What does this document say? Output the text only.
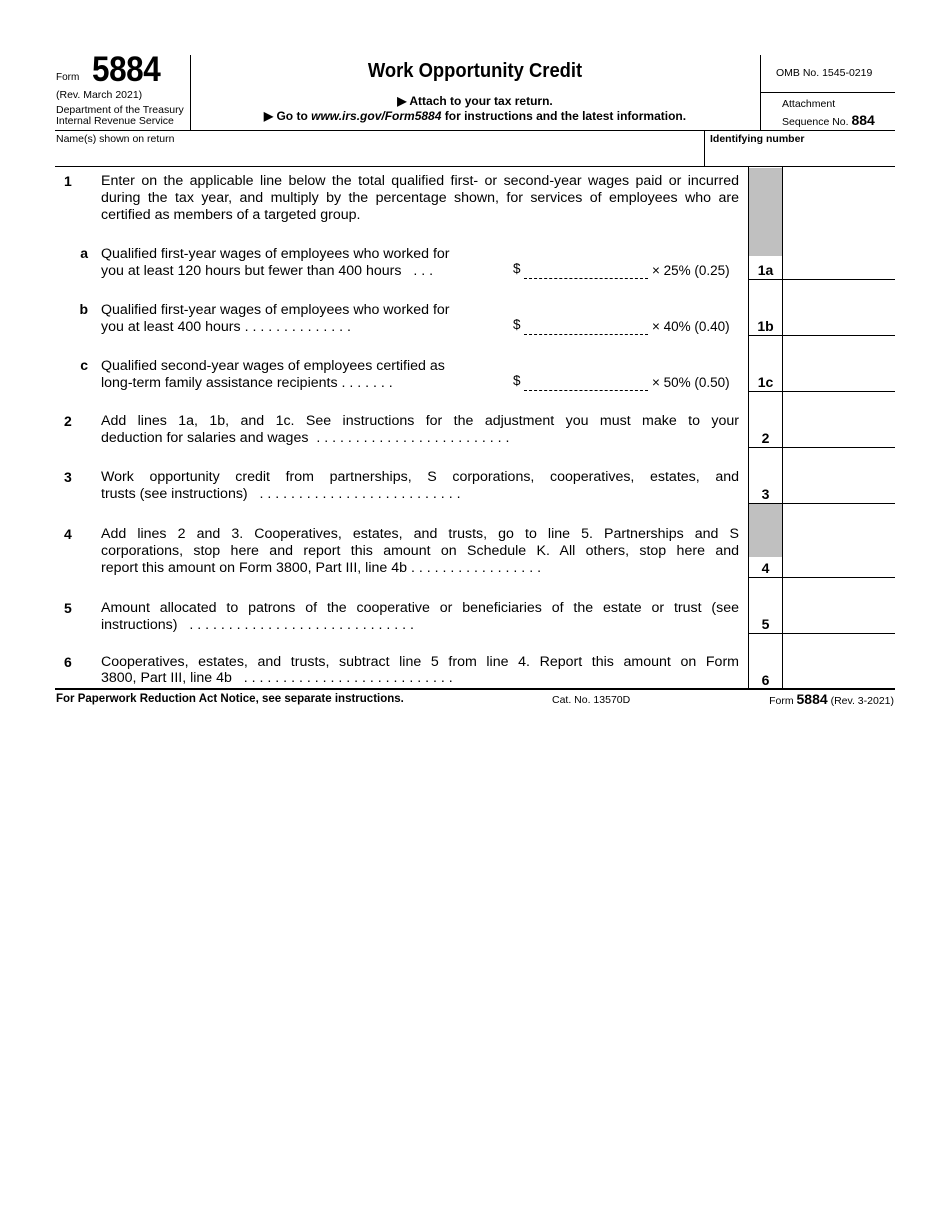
Form 5884
(Rev. March 2021)
Department of the Treasury
Internal Revenue Service
Work Opportunity Credit
▶ Attach to your tax return.
▶ Go to www.irs.gov/Form5884 for instructions and the latest information.
OMB No. 1545-0219
Attachment
Sequence No. 884
Name(s) shown on return	Identifying number
1	Enter on the applicable line below the total qualified first- or second-year wages paid or incurred during the tax year, and multiply by the percentage shown, for services of employees who are certified as members of a targeted group.
a Qualified first-year wages of employees who worked for
you at least 120 hours but fewer than 400 hours . . .	$	× 25% (0.25)	1a
b Qualified first-year wages of employees who worked for
you at least 400 hours . . . . . . . . . . . . . .	$	× 40% (0.40)	1b
c Qualified second-year wages of employees certified as
long-term family assistance recipients . . . . . . .	$	× 50% (0.50)	1c
2	Add lines 1a, 1b, and 1c. See instructions for the adjustment you must make to your
deduction for salaries and wages . . . . . . . . . . . . . . . . . . . . . . . . .	2
3	Work opportunity credit from partnerships, S corporations, cooperatives, estates, and
trusts (see instructions) . . . . . . . . . . . . . . . . . . . . . . . . . .	3
4	Add lines 2 and 3. Cooperatives, estates, and trusts, go to line 5. Partnerships and S
corporations, stop here and report this amount on Schedule K. All others, stop here and
report this amount on Form 3800, Part III, line 4b . . . . . . . . . . . . . . . . .	4
5	Amount allocated to patrons of the cooperative or beneficiaries of the estate or trust (see
instructions) . . . . . . . . . . . . . . . . . . . . . . . . . . . . .	5
6	Cooperatives, estates, and trusts, subtract line 5 from line 4. Report this amount on Form
3800, Part III, line 4b . . . . . . . . . . . . . . . . . . . . . . . . . . .	6
For Paperwork Reduction Act Notice, see separate instructions.	Cat. No. 13570D	Form 5884 (Rev. 3-2021)
